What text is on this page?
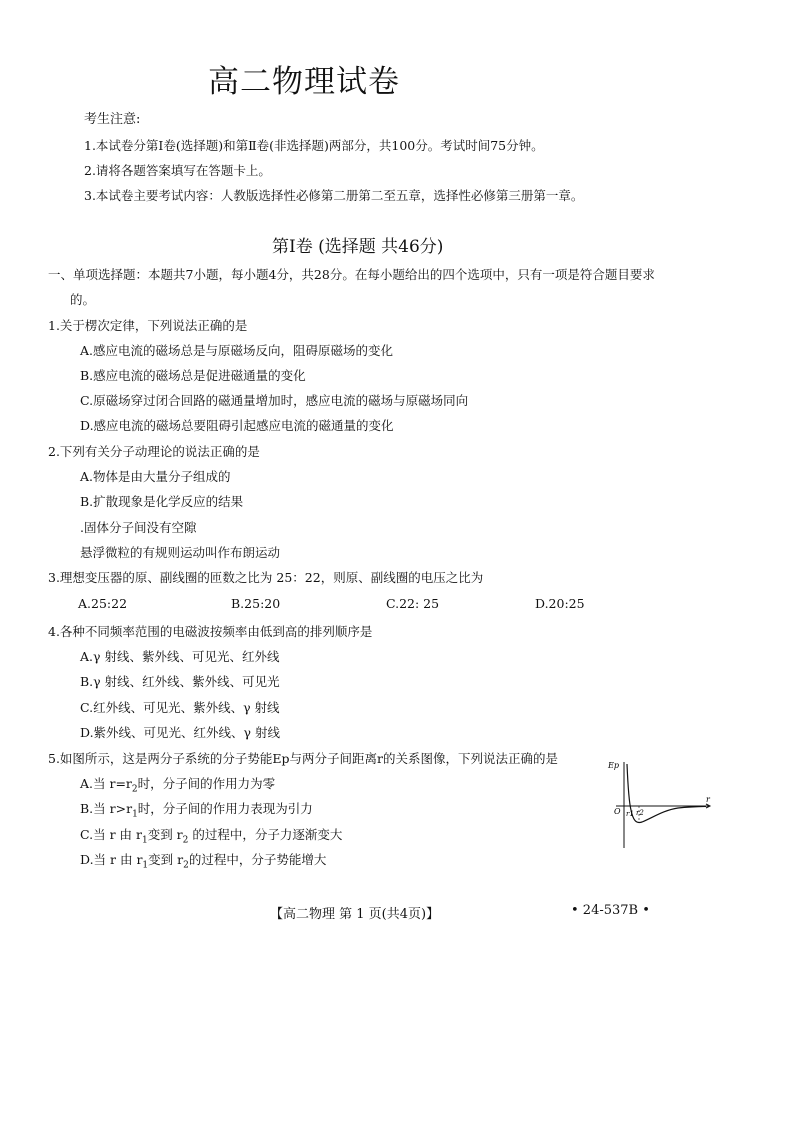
高二物理试卷
考生注意:
1.本试卷分第Ⅰ卷(选择题)和第Ⅱ卷(非选择题)两部分，共100分。考试时间75分钟。
2.请将各题答案填写在答题卡上。
3.本试卷主要考试内容：人教版选择性必修第二册第二至五章，选择性必修第三册第一章。
第Ⅰ卷 (选择题 共46分)
一、单项选择题：本题共7小题，每小题4分，共28分。在每小题给出的四个选项中，只有一项是符合题目要求
的。
1.关于楞次定律，下列说法正确的是
A.感应电流的磁场总是与原磁场反向，阻碍原磁场的变化
B.感应电流的磁场总是促进磁通量的变化
C.原磁场穿过闭合回路的磁通量增加时，感应电流的磁场与原磁场同向
D.感应电流的磁场总要阻碍引起感应电流的磁通量的变化
2.下列有关分子动理论的说法正确的是
A.物体是由大量分子组成的
B.扩散现象是化学反应的结果
.固体分子间没有空隙
悬浮微粒的有规则运动叫作布朗运动
3.理想变压器的原、副线圈的匝数之比为 25：22，则原、副线圈的电压之比为
A.25:22	B.25:20	C.22: 25	D.20:25
4.各种不同频率范围的电磁波按频率由低到高的排列顺序是
A.γ 射线、紫外线、可见光、红外线
B.γ 射线、红外线、紫外线、可见光
C.红外线、可见光、紫外线、γ 射线
D.紫外线、可见光、红外线、γ 射线
5.如图所示，这是两分子系统的分子势能Ep与两分子间距离r的关系图像，下列说法正确的是
A.当 $r=r_2$时，分子间的作用力为零
B.当 $r>r_1$时，分子间的作用力表现为引力
C.当 r 由 $r_1$变到 $r_2$ 的过程中，分子力逐渐变大
D.当 r 由 $r_1$变到 $r_2$的过程中，分子势能增大
Ep
O r1 r2
r
【高二物理 第 1 页(共4页)】	• 24-537B •
